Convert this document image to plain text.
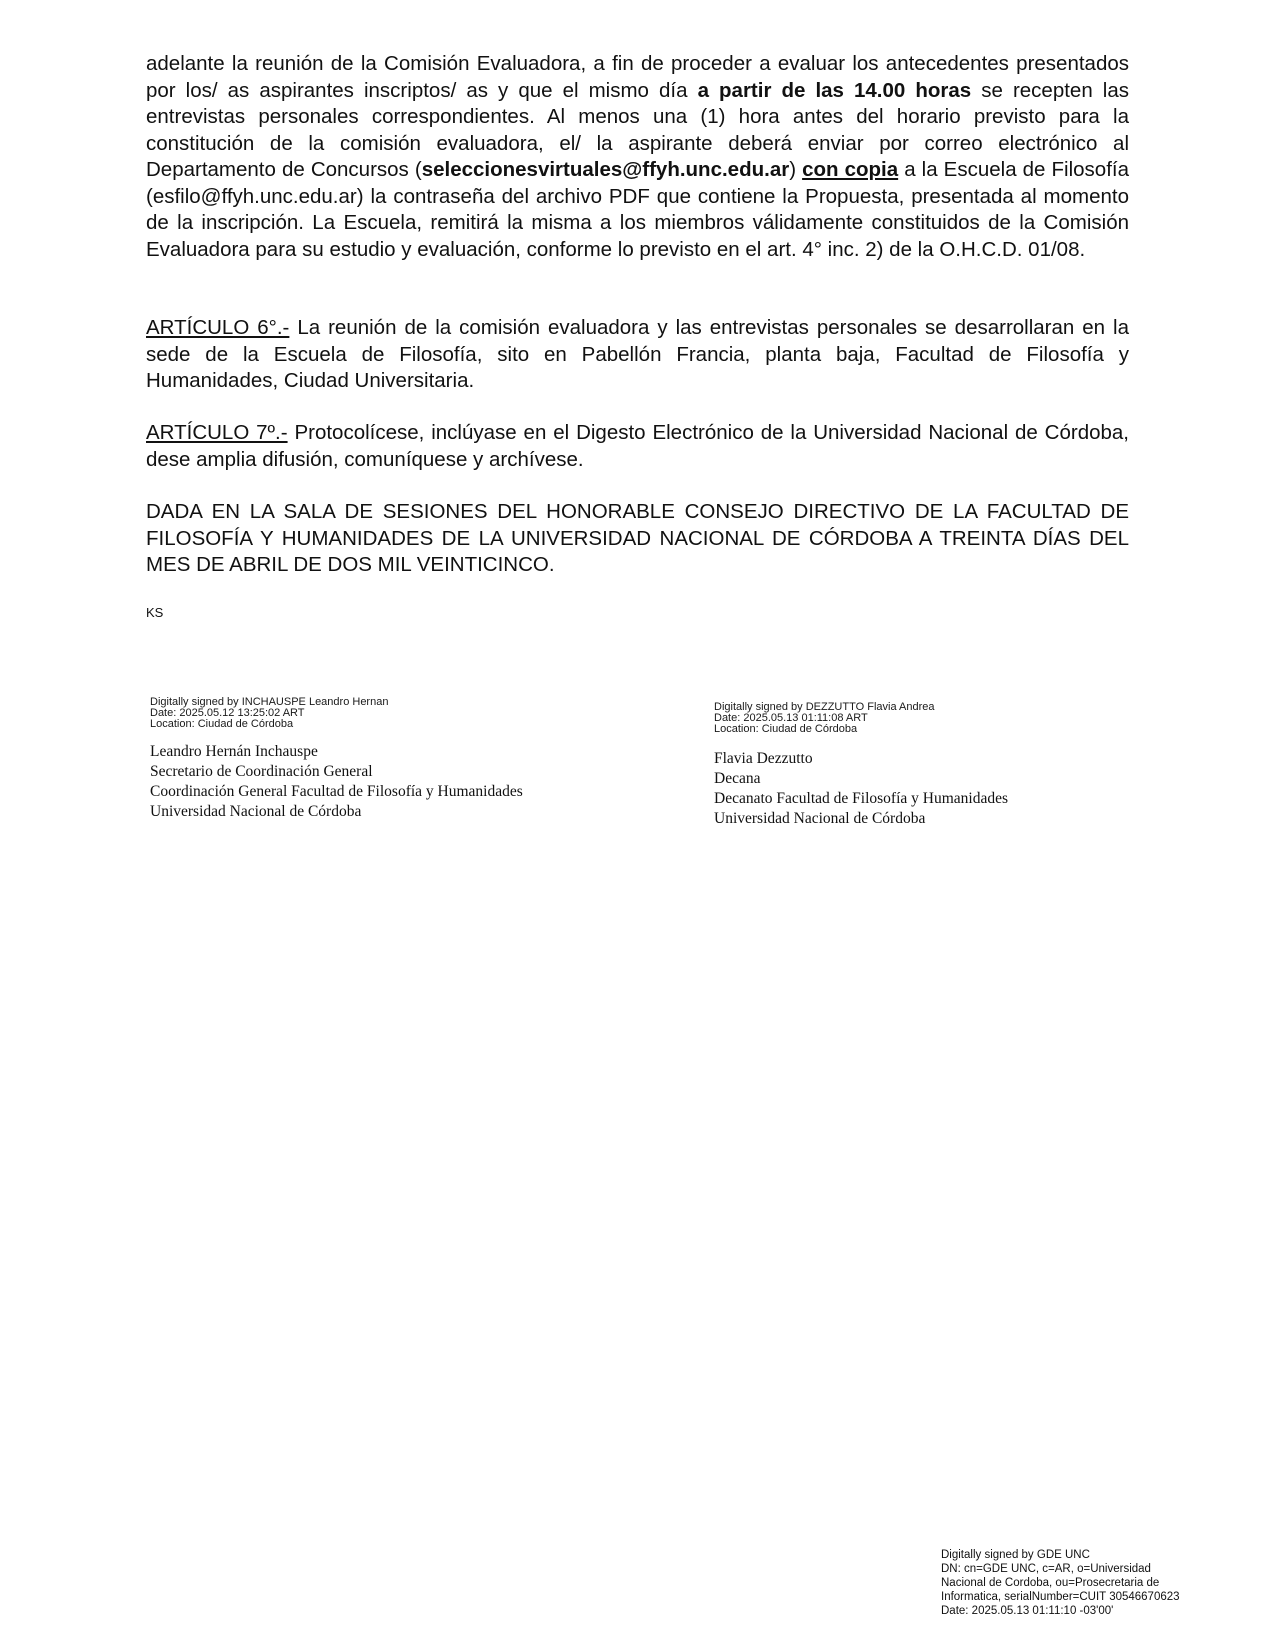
adelante la reunión de la Comisión Evaluadora, a fin de proceder a evaluar los antecedentes presentados por los/ as aspirantes inscriptos/ as y que el mismo día a partir de las 14.00 horas se recepten las entrevistas personales correspondientes. Al menos una (1) hora antes del horario previsto para la constitución de la comisión evaluadora, el/ la aspirante deberá enviar por correo electrónico al Departamento de Concursos (seleccionesvirtuales@ffyh.unc.edu.ar) con copia a la Escuela de Filosofía (esfilo@ffyh.unc.edu.ar) la contraseña del archivo PDF que contiene la Propuesta, presentada al momento de la inscripción. La Escuela, remitirá la misma a los miembros válidamente constituidos de la Comisión Evaluadora para su estudio y evaluación, conforme lo previsto en el art. 4° inc. 2) de la O.H.C.D. 01/08.

ARTÍCULO 6°.- La reunión de la comisión evaluadora y las entrevistas personales se desarrollaran en la sede de la Escuela de Filosofía, sito en Pabellón Francia, planta baja, Facultad de Filosofía y Humanidades, Ciudad Universitaria.

ARTÍCULO 7º.- Protocolícese, inclúyase en el Digesto Electrónico de la Universidad Nacional de Córdoba, dese amplia difusión, comuníquese y archívese.

DADA EN LA SALA DE SESIONES DEL HONORABLE CONSEJO DIRECTIVO DE LA FACULTAD DE FILOSOFÍA Y HUMANIDADES DE LA UNIVERSIDAD NACIONAL DE CÓRDOBA A TREINTA DÍAS DEL MES DE ABRIL DE DOS MIL VEINTICINCO.

KS
Digitally signed by INCHAUSPE Leandro Hernan
Date: 2025.05.12 13:25:02 ART
Location: Ciudad de Córdoba
Leandro Hernán Inchauspe
Secretario de Coordinación General
Coordinación General Facultad de Filosofía y Humanidades
Universidad Nacional de Córdoba
Digitally signed by DEZZUTTO Flavia Andrea
Date: 2025.05.13 01:11:08 ART
Location: Ciudad de Córdoba
Flavia Dezzutto
Decana
Decanato Facultad de Filosofía y Humanidades
Universidad Nacional de Córdoba
Digitally signed by GDE UNC
DN: cn=GDE UNC, c=AR, o=Universidad
Nacional de Cordoba, ou=Prosecretaria de
Informatica, serialNumber=CUIT 30546670623
Date: 2025.05.13 01:11:10 -03'00'
